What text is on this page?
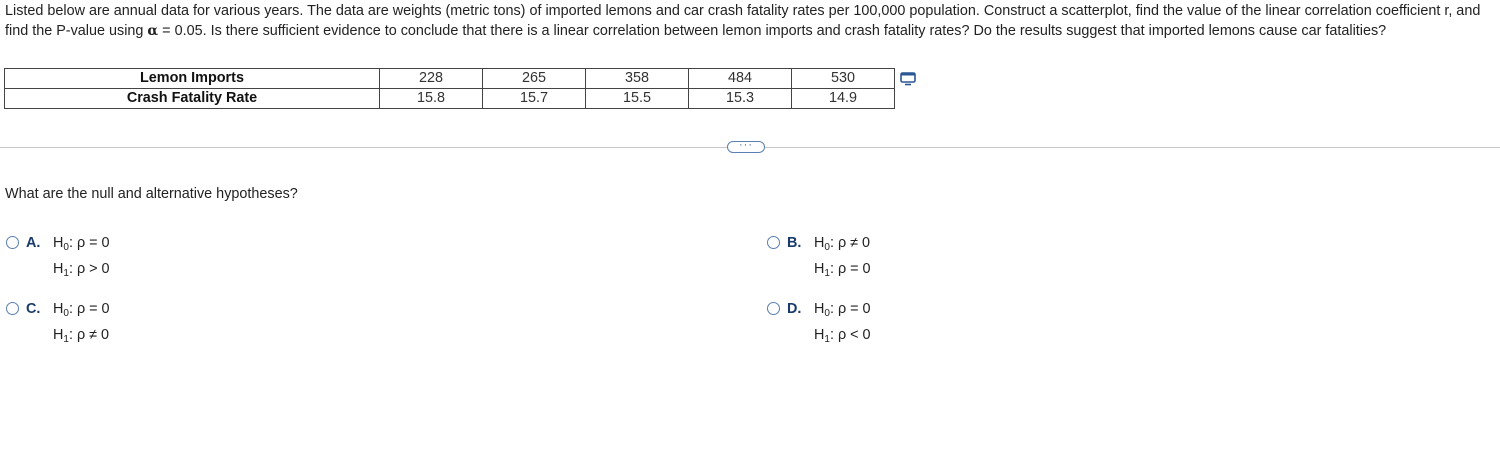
Listed below are annual data for various years. The data are weights (metric tons) of imported lemons and car crash fatality rates per 100,000 population. Construct a scatterplot, find the value of the linear correlation coefficient r, and find the P-value using α = 0.05. Is there sufficient evidence to conclude that there is a linear correlation between lemon imports and crash fatality rates? Do the results suggest that imported lemons cause car fatalities?

Lemon Imports	228	265	358	484	530
Crash Fatality Rate	15.8	15.7	15.5	15.3	14.9
···
What are the null and alternative hypotheses?
A. $H_0$: ρ = 0
$H_1$: ρ > 0
B. $H_0$: ρ ≠ 0
$H_1$: ρ = 0
C. $H_0$: ρ = 0
$H_1$: ρ ≠ 0
D. $H_0$: ρ = 0
$H_1$: ρ < 0
